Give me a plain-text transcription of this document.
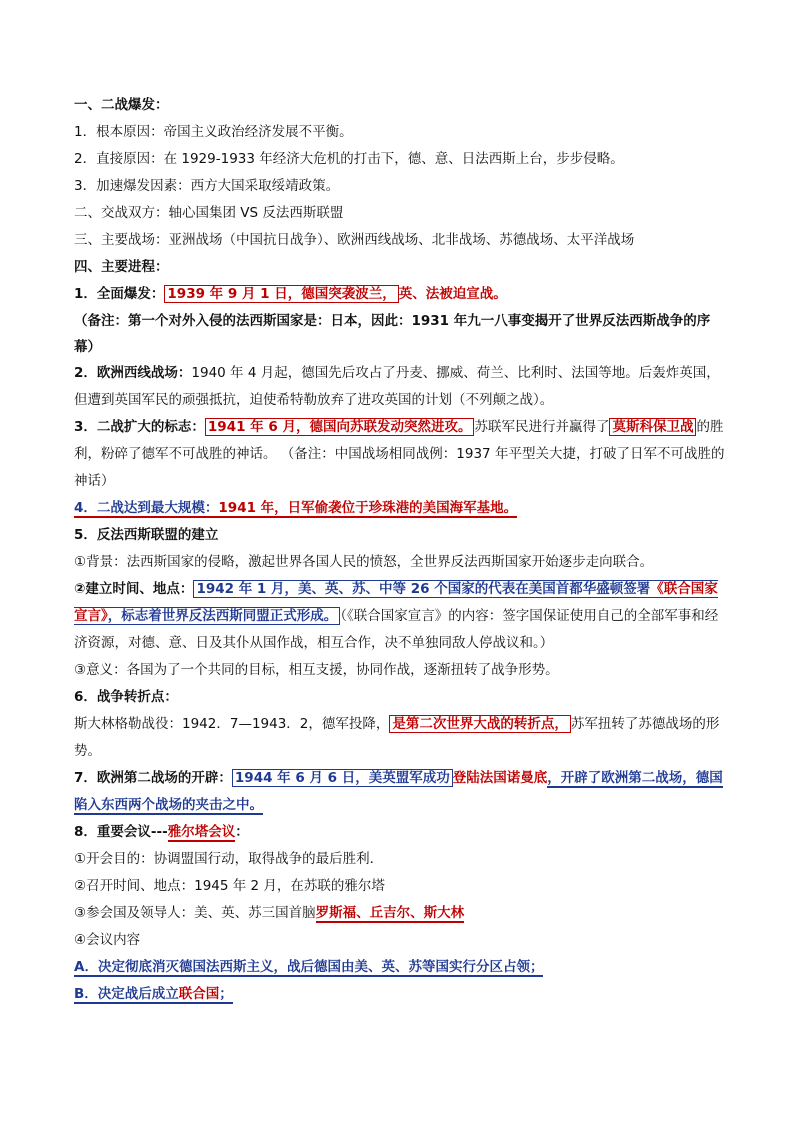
一、二战爆发：
1．根本原因：帝国主义政治经济发展不平衡。
2．直接原因：在 1929-1933 年经济大危机的打击下，德、意、日法西斯上台，步步侵略。
3．加速爆发因素：西方大国采取绥靖政策。
二、交战双方：轴心国集团 VS 反法西斯联盟
三、主要战场：亚洲战场（中国抗日战争）、欧洲西线战场、北非战场、苏德战场、太平洋战场
四、主要进程：
1．全面爆发： 1939 年 9 月 1 日，德国突袭波兰， 英、法被迫宣战。
（备注：第一个对外入侵的法西斯国家是：日本，因此：1931 年九一八事变揭开了世界反法西斯战争的序幕）
2．欧洲西线战场：1940 年 4 月起，德国先后攻占了丹麦、挪威、荷兰、比利时、法国等地。后轰炸英国，但遭到英国军民的顽强抵抗，迫使希特勒放弃了进攻英国的计划（不列颠之战）。
3．二战扩大的标志： 1941 年 6 月，德国向苏联发动突然进攻。 苏联军民进行并赢得了 莫斯科保卫战 的胜利，粉碎了德军不可战胜的神话。 （备注：中国战场相同战例：1937 年平型关大捷，打破了日军不可战胜的神话）
4．二战达到最大规模：1941 年，日军偷袭位于珍珠港的美国海军基地。
5．反法西斯联盟的建立
①背景：法西斯国家的侵略，激起世界各国人民的愤怒，全世界反法西斯国家开始逐步走向联合。
②建立时间、地点： 1942 年 1 月，美、英、苏、中等 26 个国家的代表在美国首都华盛顿签署《联合国家宣言》，标志着世界反法西斯同盟正式形成。 （《联合国家宣言》的内容：签字国保证使用自己的全部军事和经济资源，对德、意、日及其仆从国作战，相互合作，决不单独同敌人停战议和。）
③意义：各国为了一个共同的目标，相互支援，协同作战，逐渐扭转了战争形势。
6．战争转折点：
斯大林格勒战役：1942．7—1943．2，德军投降， 是第二次世界大战的转折点， 苏军扭转了苏德战场的形势。
7．欧洲第二战场的开辟： 1944 年 6 月 6 日，美英盟军成功 登陆法国诺曼底，开辟了欧洲第二战场，德国陷入东西两个战场的夹击之中。
8．重要会议---雅尔塔会议：
①开会目的：协调盟国行动，取得战争的最后胜利．
②召开时间、地点：1945 年 2 月，在苏联的雅尔塔
③参会国及领导人：美、英、苏三国首脑罗斯福、丘吉尔、斯大林
④会议内容
A．决定彻底消灭德国法西斯主义，战后德国由美、英、苏等国实行分区占领；
B．决定战后成立联合国；
